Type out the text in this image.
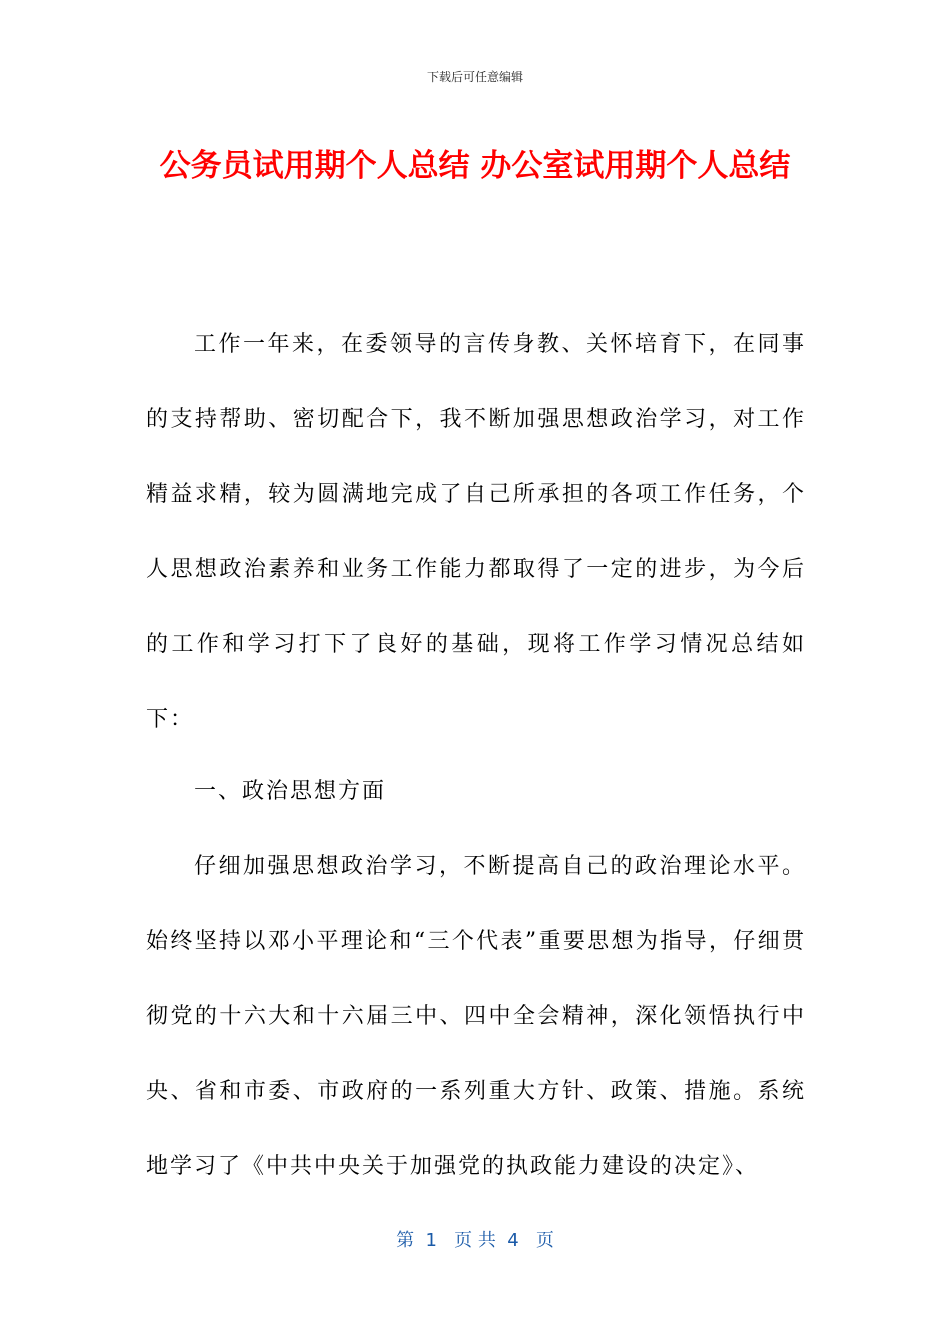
下载后可任意编辑
公务员试用期个人总结 办公室试用期个人总结

工作一年来，在委领导的言传身教、关怀培育下，在同事的支持帮助、密切配合下，我不断加强思想政治学习，对工作精益求精，较为圆满地完成了自己所承担的各项工作任务，个人思想政治素养和业务工作能力都取得了一定的进步，为今后的工作和学习打下了良好的基础，现将工作学习情况总结如下：

一、政治思想方面

仔细加强思想政治学习，不断提高自己的政治理论水平。始终坚持以邓小平理论和“三个代表”重要思想为指导，仔细贯彻党的十六大和十六届三中、四中全会精神，深化领悟执行中央、省和市委、市政府的一系列重大方针、政策、措施。系统地学习了《中共中央关于加强党的执政能力建设的决定》、

第  1   页 共  4   页
